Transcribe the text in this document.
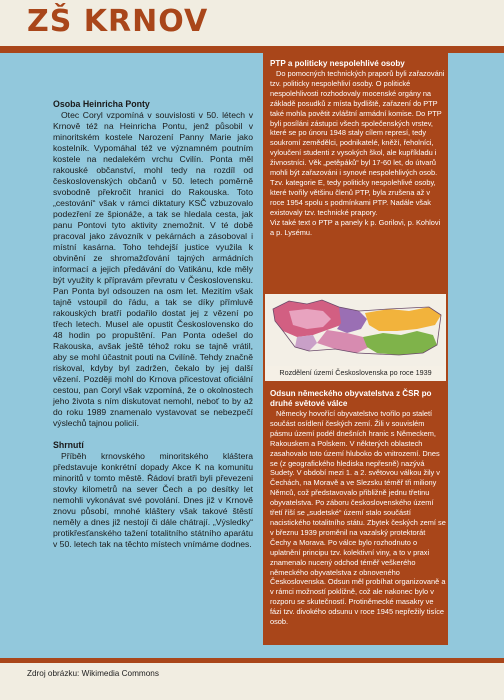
ZŠ KRNOV
Osoba Heinricha Ponty

Otec Coryl vzpomíná v souvislosti v 50. létech v Krnově též na Heinricha Pontu, jenž působil v minoritském kostele Narození Panny Marie jako kostelník. Vypomáhal též ve významném poutním kostele na nedalekém vrchu Cvilín. Ponta měl rakouské občanství, mohl tedy na rozdíl od československých občanů v 50. letech poměrně svobodně překročit hranici do Rakouska. Toto „cestování“ však v rámci diktatury KSČ vzbuzovalo podezření ze špionáže, a tak se hledala cesta, jak panu Pontovi tyto aktivity znemožnit. V té době pracoval jako závozník v pekárnách a zásoboval i místní kasárna. Toho tehdejší justice využila k obvinění ze shromažďování tajných armádních informací a jejich předávání do Vatikánu, kde měly být využity k přípravám převratu v Československu. Pan Ponta byl odsouzen na osm let. Mezitím však tajně vstoupil do řádu, a tak se díky přímluvě rakouských bratří podařilo dostat jej z vězení po třech letech. Musel ale opustit Československo do 48 hodin po propuštění. Pan Ponta odešel do Rakouska, avšak ještě téhož roku se tajně vrátil, aby se mohl účastnit pouti na Cvilíně. Tehdy značně riskoval, kdyby byl zadržen, čekalo by jej další vězení. Později mohl do Krnova přicestovat oficiální cestou, pan Coryl však vzpomíná, že o okolnostech jeho života s ním diskutovat nemohl, neboť to by až do roku 1989 znamenalo vystavovat se nebezpečí výslechů tajnou policií.

Shrnutí

Příběh krnovského minoritského kláštera představuje konkrétní dopady Akce K na komunitu minoritů v tomto městě. Řádoví bratři byli převezeni stovky kilometrů na sever Čech a po desítky let nemohli vykonávat své povolání. Dnes již v Krnově znovu působí, mnohé kláštery však takové štěstí neměly a dnes již nestojí či dále chátrají. „Výsledky“ protikřesťanského tažení totalitního státního aparátu v 50. letech tak na těchto místech vnímáme dodnes.

PTP a politicky nespolehlivé osoby

Do pomocných technických praporů byli zařazováni tzv. politicky nespolehliví osoby. O politické nespolehlivosti rozhodovaly mocenské orgány na základě posudků z místa bydliště, zařazení do PTP také mohla povětit zvláštní armádní komise. Do PTP byli posíláni zástupci všech společenských vrstev, které se po únoru 1948 staly cílem represí, tedy soukromí zemědělci, podnikatelé, kněží, řeholníci, vyloučení studenti z vysokých škol, ale kupříkladu i živnostníci. Věk „petěpáků“ byl 17-60 let, do útvarů mohli být zařazováni i synové nespolehlivých osob. Tzv. kategorie E, tedy politicky nespolehlivé osoby, které tvořily většinu členů PTP, byla zrušena až v roce 1954 spolu s podmínkami PTP. Nadále však existovaly tzv. technické prapory.
Viz také text o PTP a panely k p. Gorilovi, p. Kohlovi a p. Lysému.

Rozdělení území Československa po roce 1939
Odsun německého obyvatelstva z ČSR po druhé světové válce

Německy hovořící obyvatelstvo tvořilo po staletí součást osídlení českých zemí. Žili v souvislém pásmu území podél dnešních hranic s Německem, Rakouskem a Polskem. V některých oblastech zasahovalo toto území hluboko do vnitrozemí. Dnes se (z geografického hlediska nepřesně) nazývá Sudety. V období mezi 1. a 2. světovou válkou žily v Čechách, na Moravě a ve Slezsku téměř tři miliony Němců, což představovalo přibližně jednu třetinu obyvatelstva. Po záboru československého území třetí říší se „sudetské“ území stalo součástí nacistického totalitního státu. Zbytek českých zemí se v březnu 1939 proměnil na vazalský protektorát Čechy a Morava. Po válce bylo rozhodnuto o uplatnění principu tzv. kolektivní viny, a to v praxi znamenalo nucený odchod téměř veškerého německého obyvatelstva z obnoveného Československa. Odsun měl probíhat organizovaně a v rámci možností pokližně, což ale nakonec bylo v rozporu se skutečností. Protiněmecké masakry ve fázi tzv. divokého odsunu v roce 1945 nepřežily tisíce osob.

Zdroj obrázku: Wikimedia Commons
